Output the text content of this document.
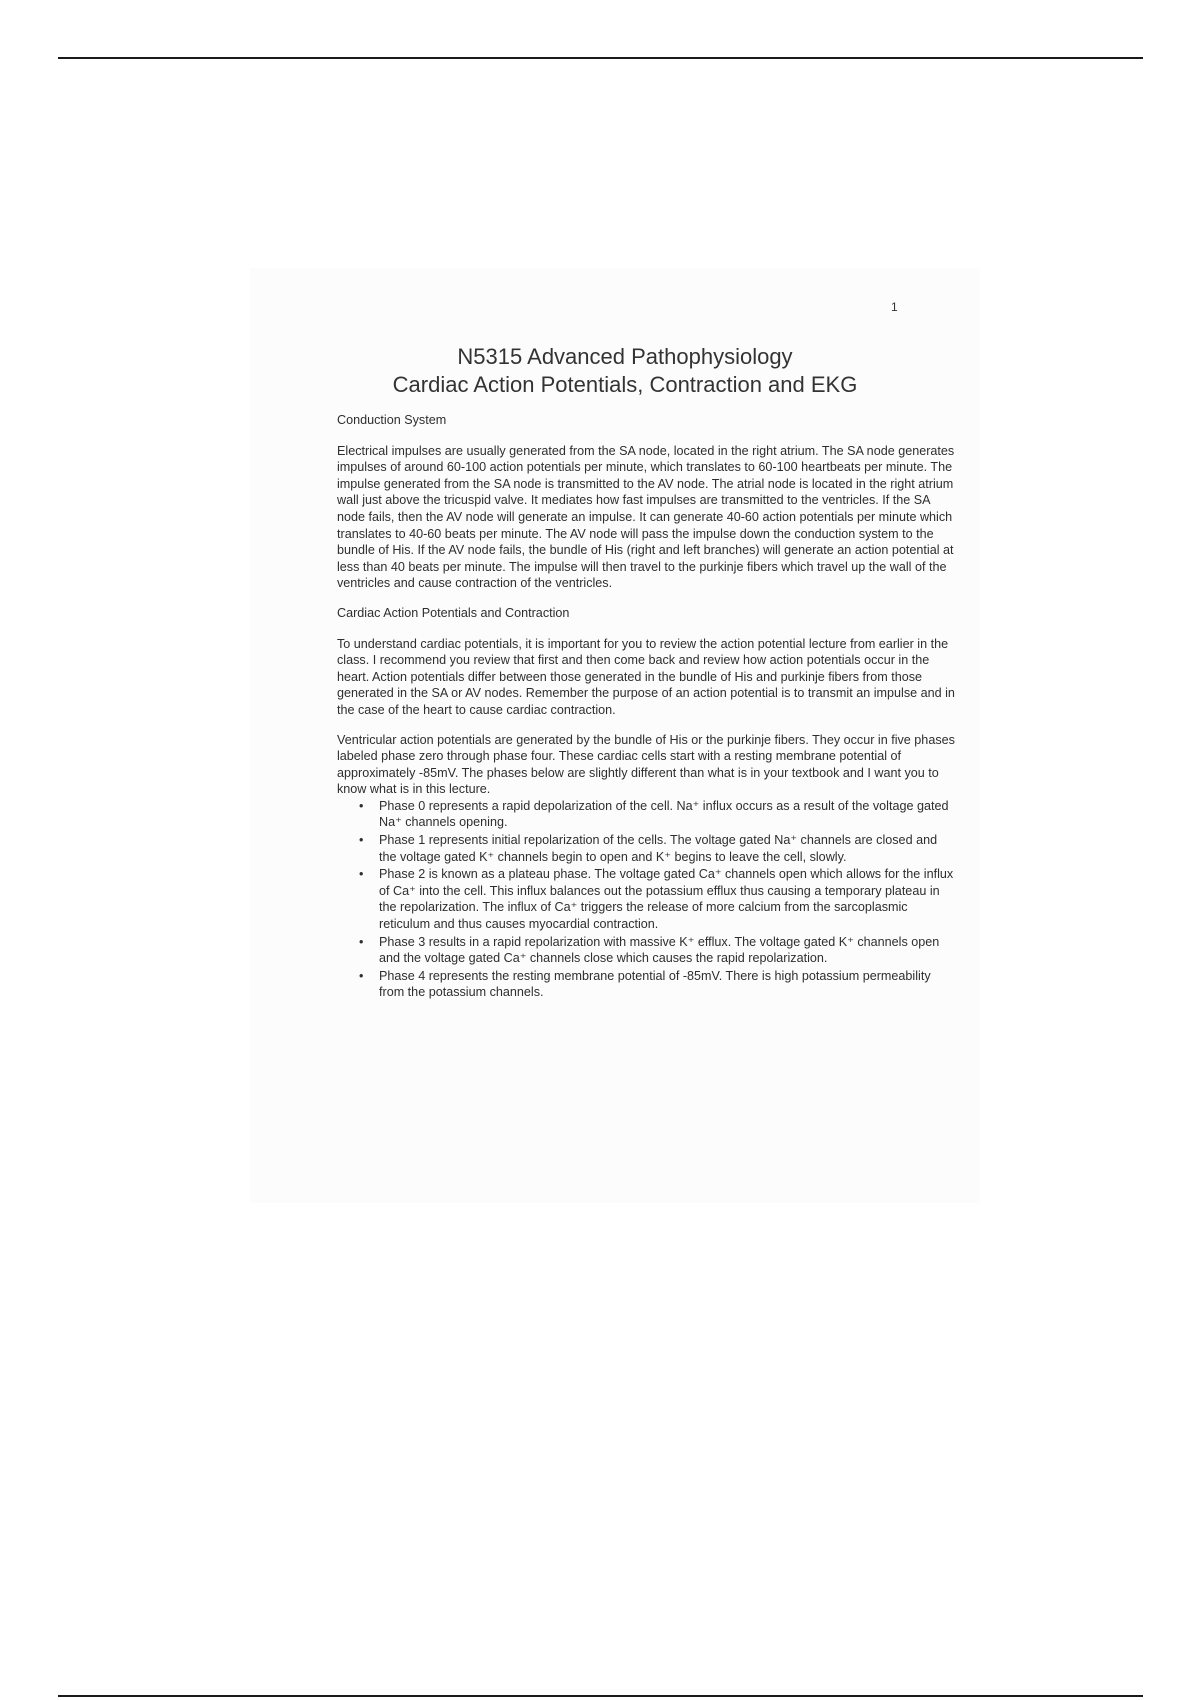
1
N5315 Advanced Pathophysiology
Cardiac Action Potentials, Contraction and EKG
Conduction System

Electrical impulses are usually generated from the SA node, located in the right atrium. The SA node generates impulses of around 60-100 action potentials per minute, which translates to 60-100 heartbeats per minute. The impulse generated from the SA node is transmitted to the AV node. The atrial node is located in the right atrium wall just above the tricuspid valve. It mediates how fast impulses are transmitted to the ventricles. If the SA node fails, then the AV node will generate an impulse. It can generate 40-60 action potentials per minute which translates to 40-60 beats per minute. The AV node will pass the impulse down the conduction system to the bundle of His. If the AV node fails, the bundle of His (right and left branches) will generate an action potential at less than 40 beats per minute. The impulse will then travel to the purkinje fibers which travel up the wall of the ventricles and cause contraction of the ventricles.

Cardiac Action Potentials and Contraction

To understand cardiac potentials, it is important for you to review the action potential lecture from earlier in the class. I recommend you review that first and then come back and review how action potentials occur in the heart. Action potentials differ between those generated in the bundle of His and purkinje fibers from those generated in the SA or AV nodes. Remember the purpose of an action potential is to transmit an impulse and in the case of the heart to cause cardiac contraction.

Ventricular action potentials are generated by the bundle of His or the purkinje fibers. They occur in five phases labeled phase zero through phase four. These cardiac cells start with a resting membrane potential of approximately -85mV. The phases below are slightly different than what is in your textbook and I want you to know what is in this lecture.

• Phase 0 represents a rapid depolarization of the cell. Na⁺ influx occurs as a result of the voltage gated Na⁺ channels opening.
• Phase 1 represents initial repolarization of the cells. The voltage gated Na⁺ channels are closed and the voltage gated K⁺ channels begin to open and K⁺ begins to leave the cell, slowly.
• Phase 2 is known as a plateau phase. The voltage gated Ca⁺ channels open which allows for the influx of Ca⁺ into the cell. This influx balances out the potassium efflux thus causing a temporary plateau in the repolarization. The influx of Ca⁺ triggers the release of more calcium from the sarcoplasmic reticulum and thus causes myocardial contraction.
• Phase 3 results in a rapid repolarization with massive K⁺ efflux. The voltage gated K⁺ channels open and the voltage gated Ca⁺ channels close which causes the rapid repolarization.
• Phase 4 represents the resting membrane potential of -85mV. There is high potassium permeability from the potassium channels.
